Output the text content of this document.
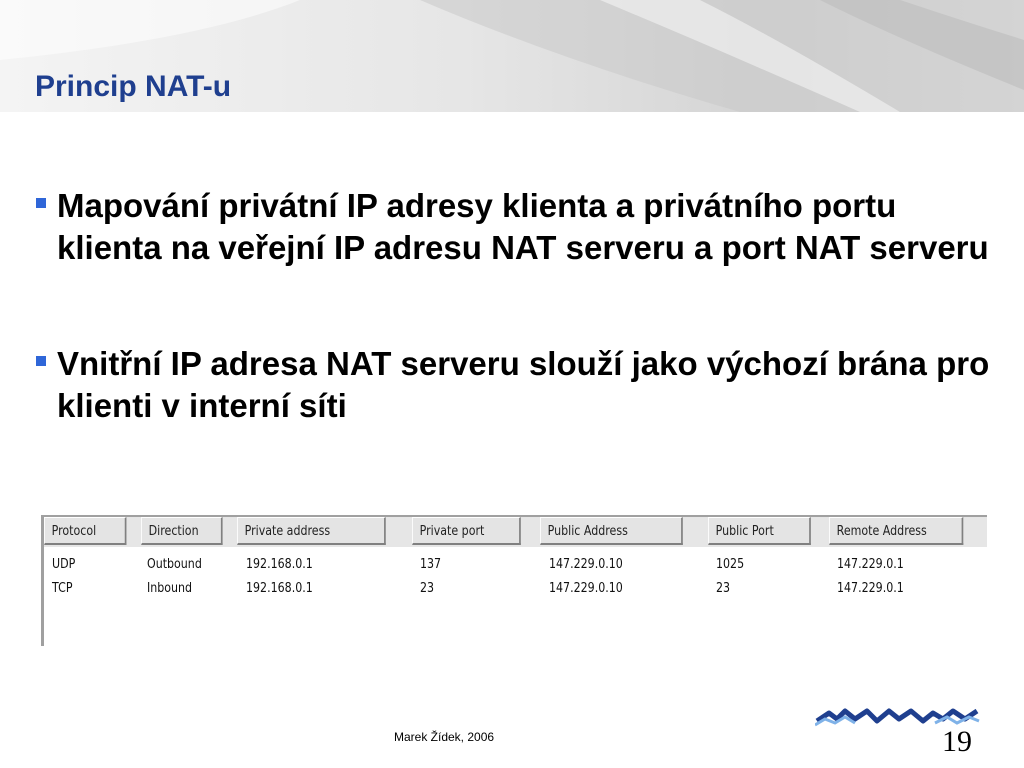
Princip NAT-u
Mapování privátní IP adresy klienta a privátního portu klienta na veřejní IP adresu NAT serveru a port NAT serveru
Vnitřní IP adresa NAT serveru slouží jako výchozí brána pro klienti v interní síti
Protocol	Direction	Private address	Private port	Public Address	Public Port	Remote Address
UDP	Outbound	192.168.0.1	137	147.229.0.10	1025	147.229.0.1
TCP	Inbound	192.168.0.1	23	147.229.0.10	23	147.229.0.1
Marek Žídek, 2006	19
